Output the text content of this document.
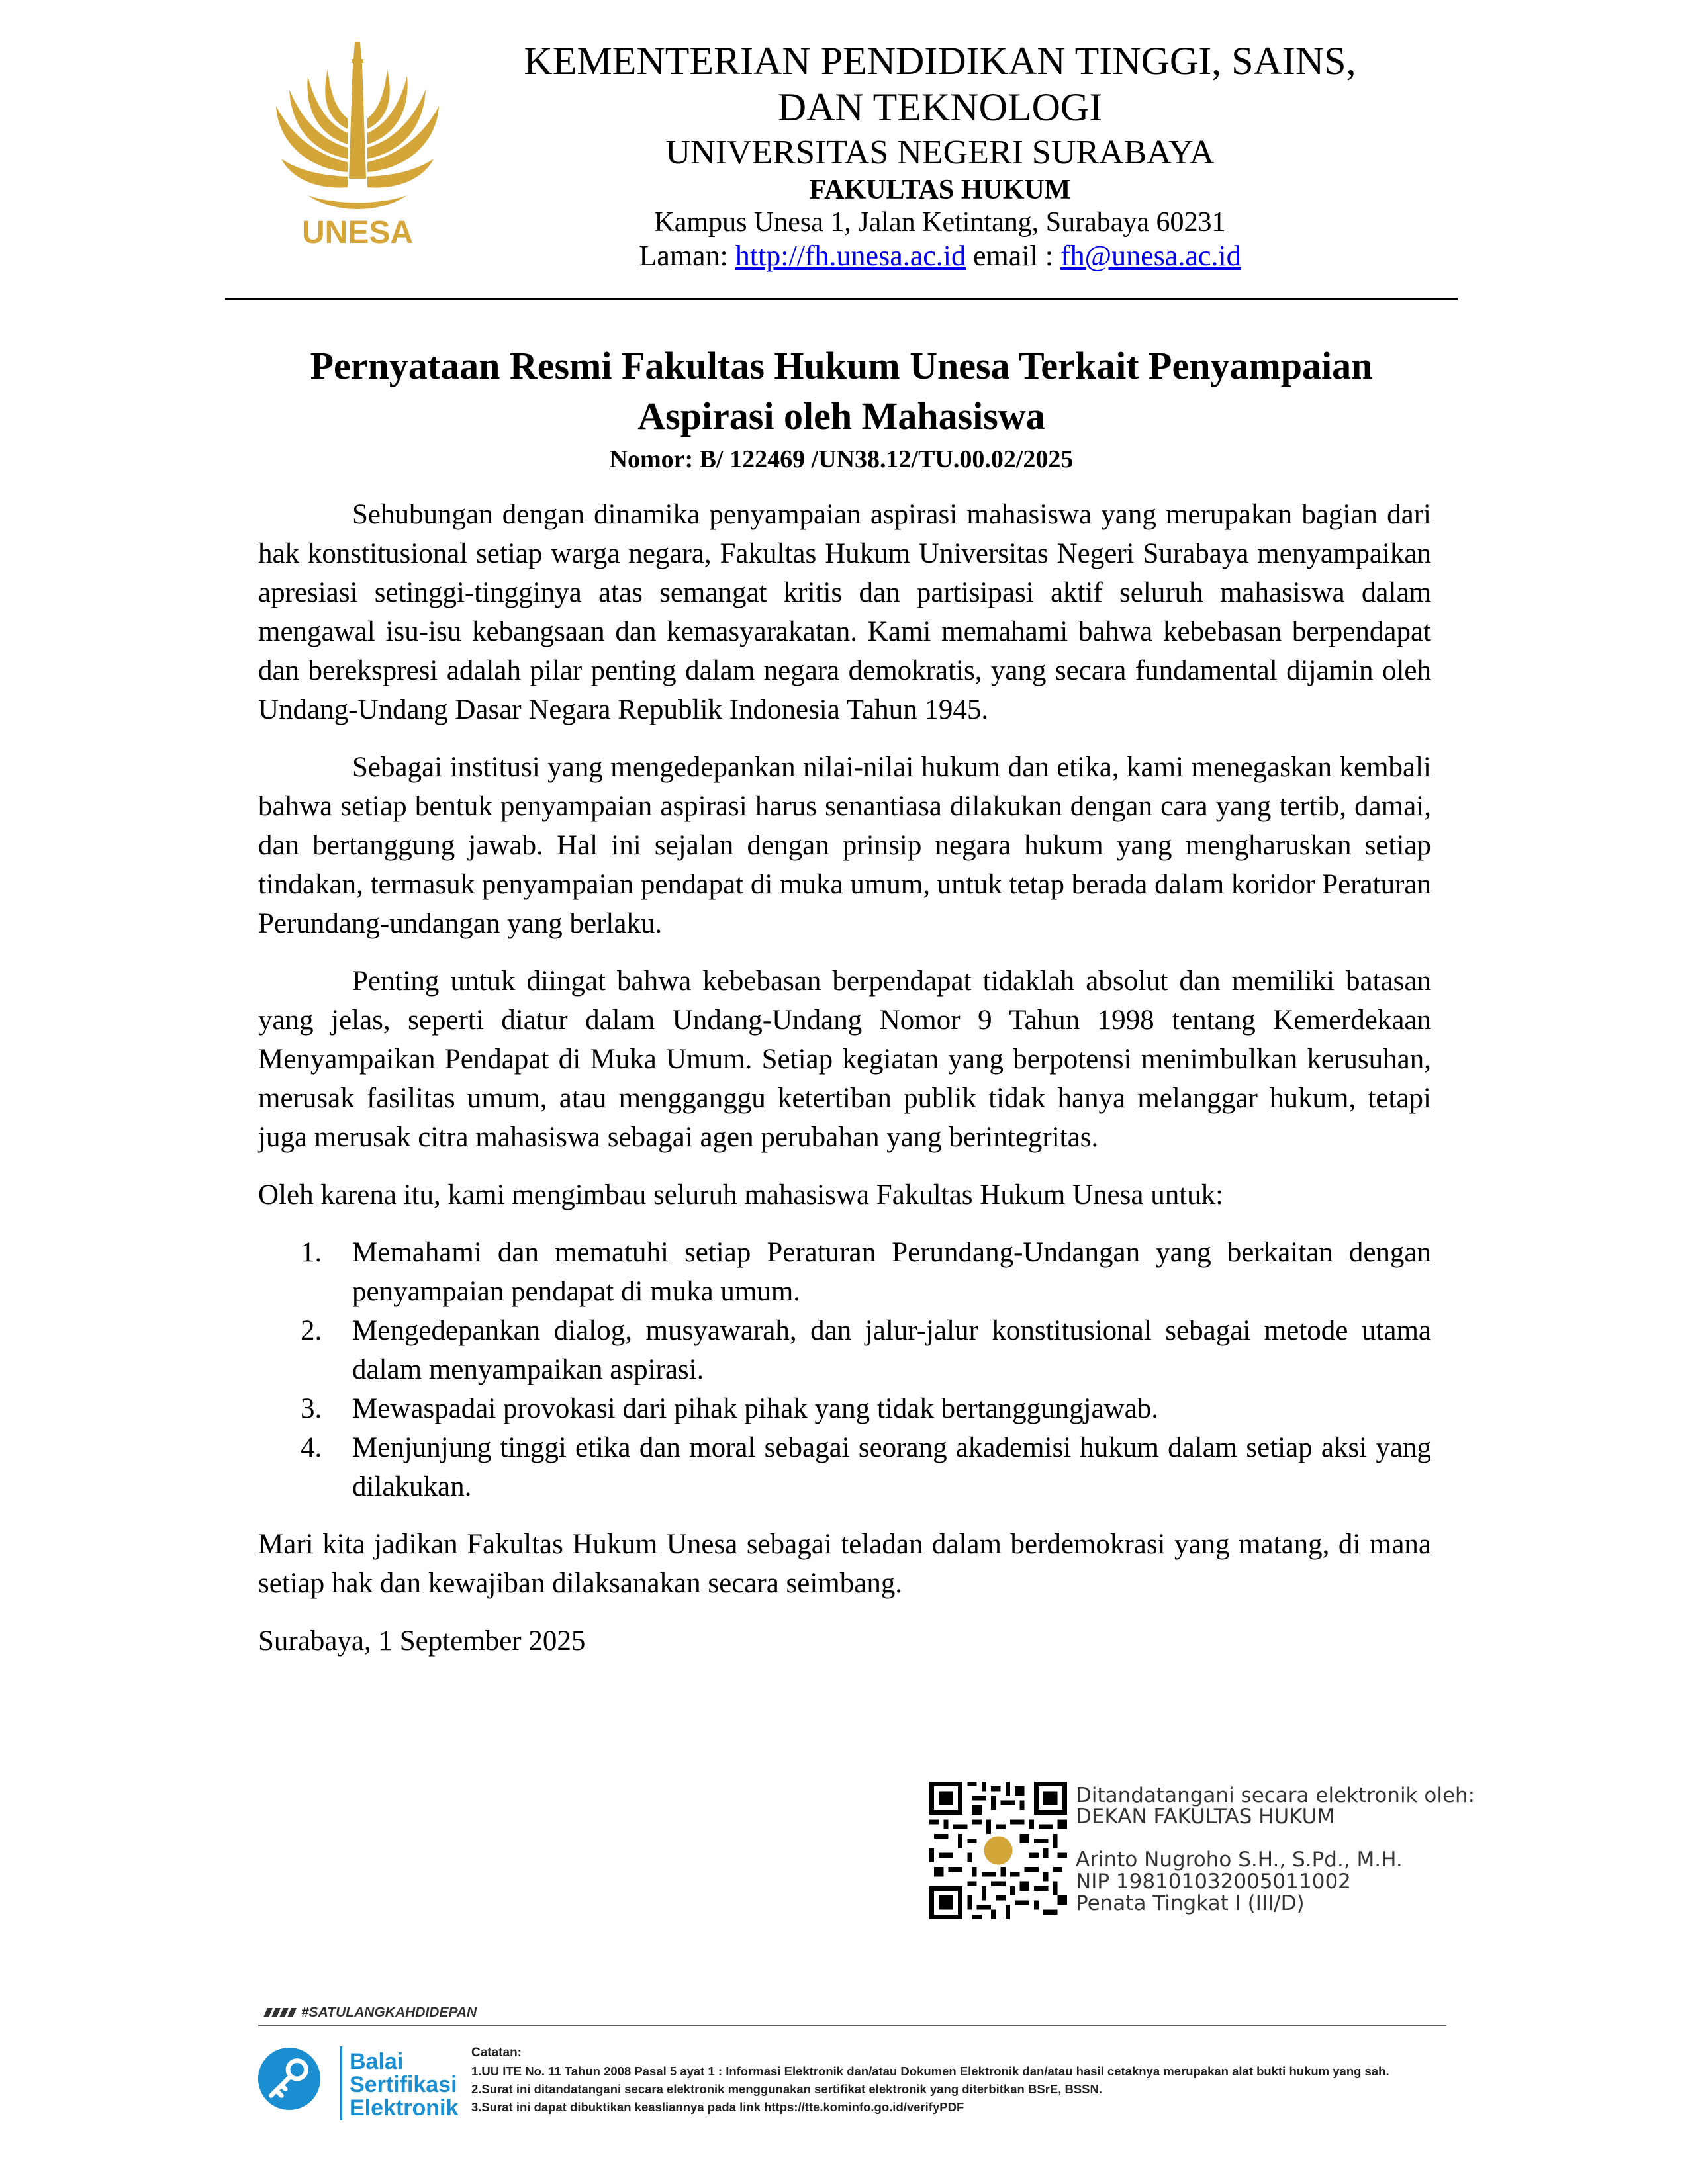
UNESA
KEMENTERIAN PENDIDIKAN TINGGI, SAINS,
DAN TEKNOLOGI
UNIVERSITAS NEGERI SURABAYA
FAKULTAS HUKUM
Kampus Unesa 1, Jalan Ketintang, Surabaya 60231
Laman: http://fh.unesa.ac.id email : fh@unesa.ac.id
Pernyataan Resmi Fakultas Hukum Unesa Terkait Penyampaian
Aspirasi oleh Mahasiswa
Nomor: B/ 122469 /UN38.12/TU.00.02/2025

Sehubungan dengan dinamika penyampaian aspirasi mahasiswa yang merupakan bagian dari hak konstitusional setiap warga negara, Fakultas Hukum Universitas Negeri Surabaya menyampaikan apresiasi setinggi-tingginya atas semangat kritis dan partisipasi aktif seluruh mahasiswa dalam mengawal isu-isu kebangsaan dan kemasyarakatan. Kami memahami bahwa kebebasan berpendapat dan berekspresi adalah pilar penting dalam negara demokratis, yang secara fundamental dijamin oleh Undang-Undang Dasar Negara Republik Indonesia Tahun 1945.

Sebagai institusi yang mengedepankan nilai-nilai hukum dan etika, kami menegaskan kembali bahwa setiap bentuk penyampaian aspirasi harus senantiasa dilakukan dengan cara yang tertib, damai, dan bertanggung jawab. Hal ini sejalan dengan prinsip negara hukum yang mengharuskan setiap tindakan, termasuk penyampaian pendapat di muka umum, untuk tetap berada dalam koridor Peraturan Perundang-undangan yang berlaku.

Penting untuk diingat bahwa kebebasan berpendapat tidaklah absolut dan memiliki batasan yang jelas, seperti diatur dalam Undang-Undang Nomor 9 Tahun 1998 tentang Kemerdekaan Menyampaikan Pendapat di Muka Umum. Setiap kegiatan yang berpotensi menimbulkan kerusuhan, merusak fasilitas umum, atau mengganggu ketertiban publik tidak hanya melanggar hukum, tetapi juga merusak citra mahasiswa sebagai agen perubahan yang berintegritas.

Oleh karena itu, kami mengimbau seluruh mahasiswa Fakultas Hukum Unesa untuk:

1. Memahami dan mematuhi setiap Peraturan Perundang-Undangan yang berkaitan dengan penyampaian pendapat di muka umum.
2. Mengedepankan dialog, musyawarah, dan jalur-jalur konstitusional sebagai metode utama dalam menyampaikan aspirasi.
3. Mewaspadai provokasi dari pihak pihak yang tidak bertanggungjawab.
4. Menjunjung tinggi etika dan moral sebagai seorang akademisi hukum dalam setiap aksi yang dilakukan.

Mari kita jadikan Fakultas Hukum Unesa sebagai teladan dalam berdemokrasi yang matang, di mana setiap hak dan kewajiban dilaksanakan secara seimbang.

Surabaya, 1 September 2025

Ditandatangani secara elektronik oleh:
DEKAN FAKULTAS HUKUM
Arinto Nugroho S.H., S.Pd., M.H.
NIP 198101032005011002
Penata Tingkat I (III/D)
#SATULANGKAHDIDEPAN
Balai
Sertifikasi
Elektronik
Catatan:
1.UU ITE No. 11 Tahun 2008 Pasal 5 ayat 1 : Informasi Elektronik dan/atau Dokumen Elektronik dan/atau hasil cetaknya merupakan alat bukti hukum yang sah.
2.Surat ini ditandatangani secara elektronik menggunakan sertifikat elektronik yang diterbitkan BSrE, BSSN.
3.Surat ini dapat dibuktikan keasliannya pada link https://tte.kominfo.go.id/verifyPDF
